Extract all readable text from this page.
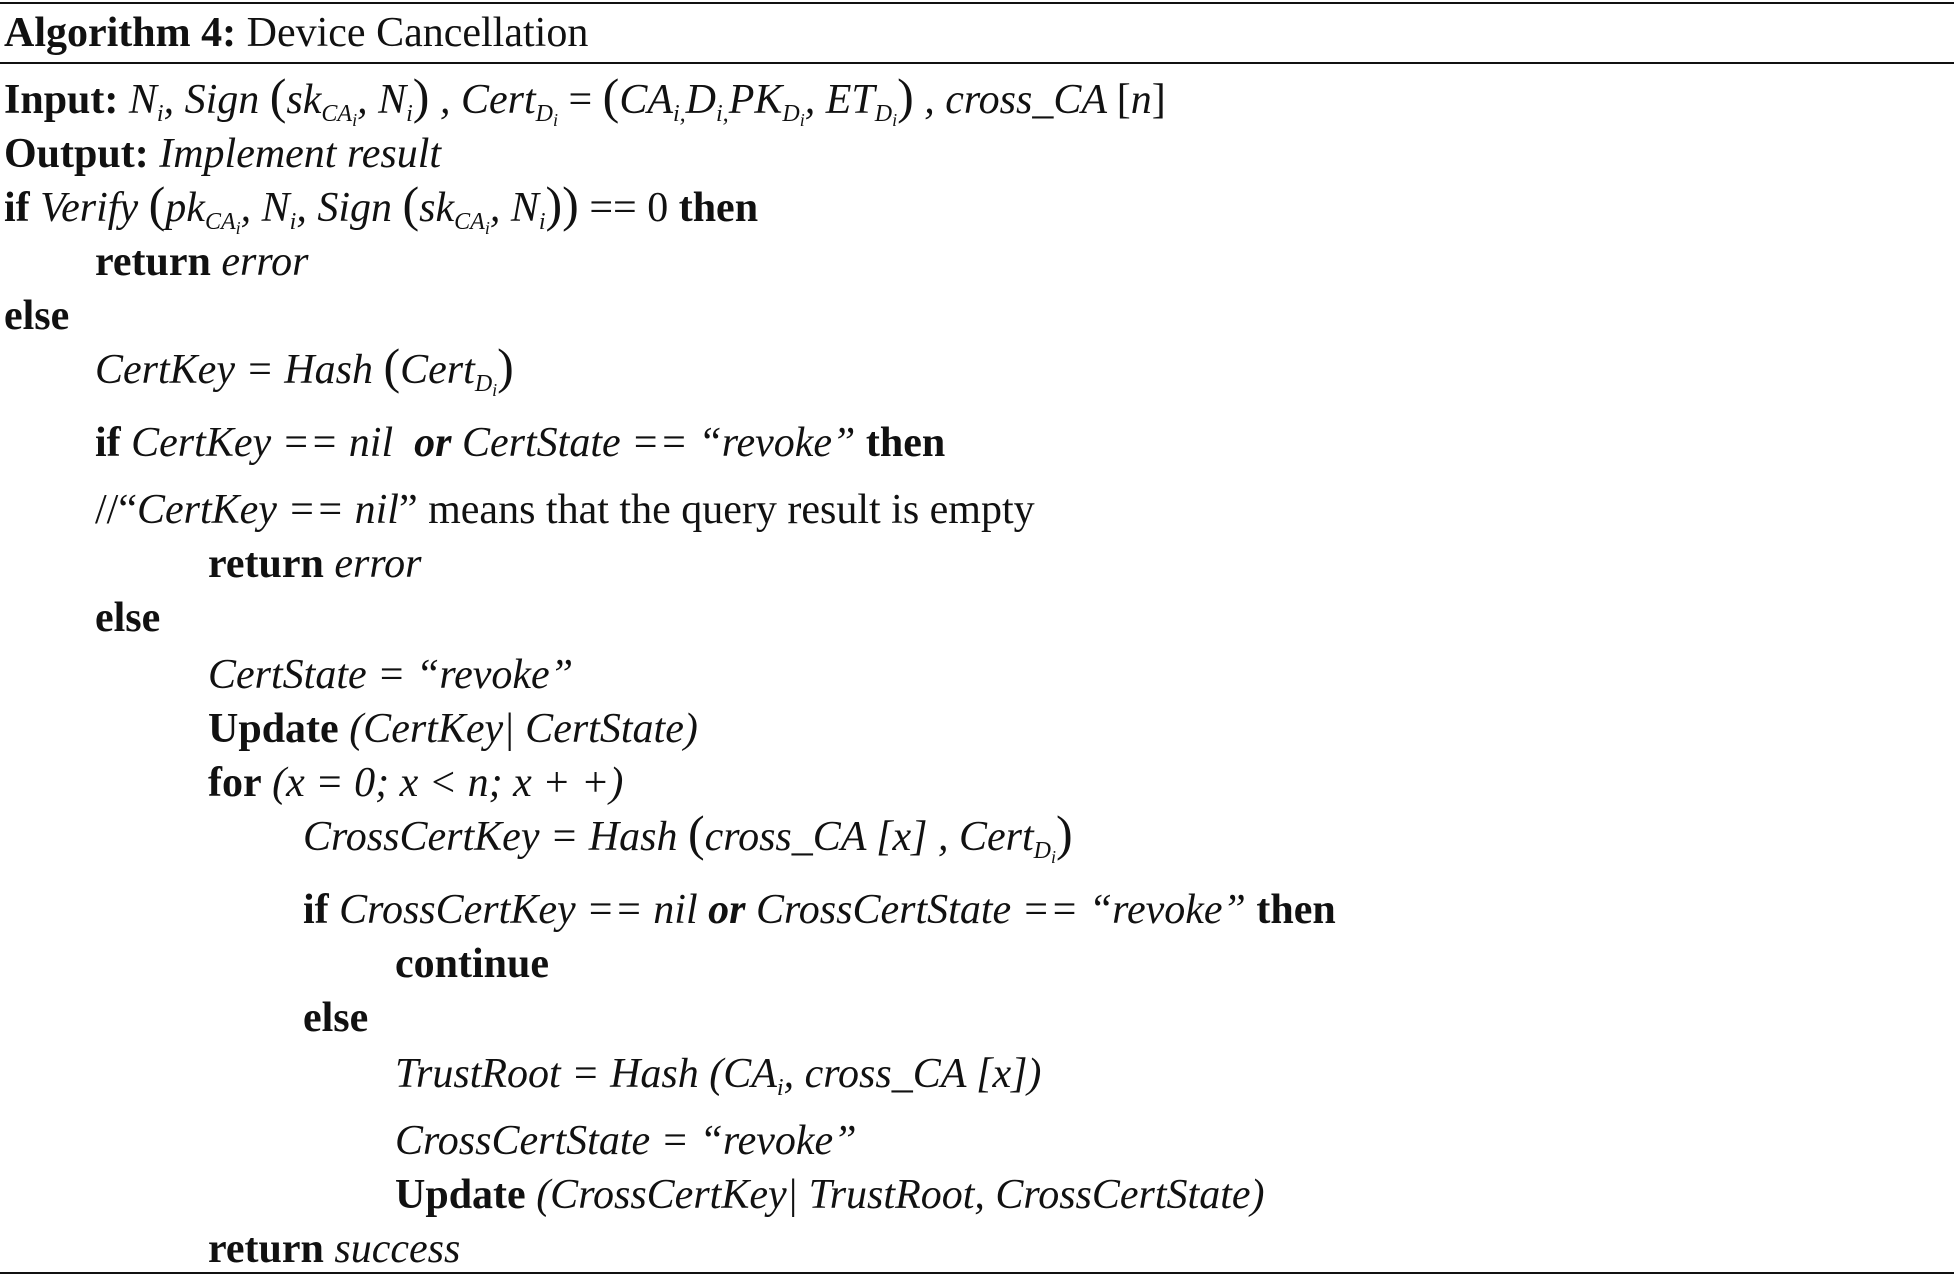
Algorithm 4: Device Cancellation
Input: $N_i$, Sign ($sk_{CA_i}$, $N_i$) , Cert$_{D_i}$ = ($CA_{i,}D_{i,}PK_{D_i}$, $ET_{D_i}$) , cross_CA [n]
Output: Implement result
if Verify ($pk_{CA_i}$, $N_i$, Sign ($sk_{CA_i}$, $N_i)) == 0$ then
return error
else
CertKey = Hash (Cert$_{D_i}$)
if CertKey == nil or CertState == “revoke” then
//“CertKey == nil” means that the query result is empty
return error
else
CertState = “revoke”
Update (CertKey| CertState)
for (x = 0; x < n; x + +)
CrossCertKey = Hash (cross_CA [x] , Cert$_{D_i}$)
if CrossCertKey == nil or CrossCertState == “revoke” then
continue
else
TrustRoot = Hash ($CA_i$, cross_CA [x])
CrossCertState = “revoke”
Update (CrossCertKey| TrustRoot, CrossCertState)
return success
